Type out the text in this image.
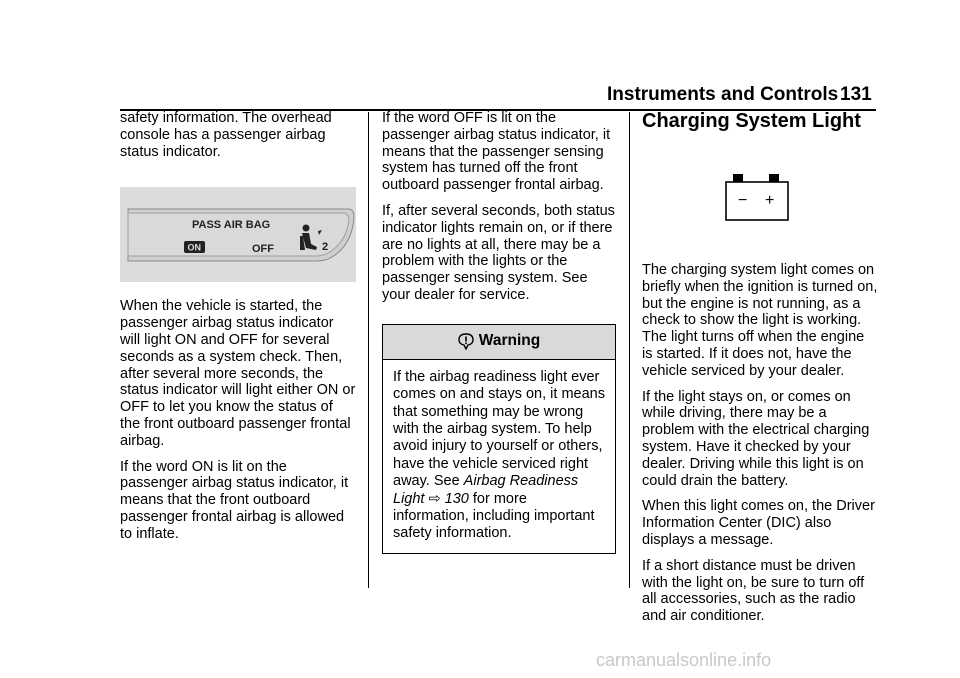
Instruments and Controls 131

safety information. The overhead console has a passenger airbag status indicator.

PASS AIR BAG
ON	OFF	2

When the vehicle is started, the passenger airbag status indicator will light ON and OFF for several seconds as a system check. Then, after several more seconds, the status indicator will light either ON or OFF to let you know the status of the front outboard passenger frontal airbag.

If the word ON is lit on the passenger airbag status indicator, it means that the front outboard passenger frontal airbag is allowed to inflate.

If the word OFF is lit on the passenger airbag status indicator, it means that the passenger sensing system has turned off the front outboard passenger frontal airbag.

If, after several seconds, both status indicator lights remain on, or if there are no lights at all, there may be a problem with the lights or the passenger sensing system. See your dealer for service.

Warning
If the airbag readiness light ever comes on and stays on, it means that something may be wrong with the airbag system. To help avoid injury to yourself or others, have the vehicle serviced right away. See Airbag Readiness Light ⇨ 130 for more information, including important safety information.
Charging System Light
− +

The charging system light comes on briefly when the ignition is turned on, but the engine is not running, as a check to show the light is working. The light turns off when the engine is started. If it does not, have the vehicle serviced by your dealer.

If the light stays on, or comes on while driving, there may be a problem with the electrical charging system. Have it checked by your dealer. Driving while this light is on could drain the battery.

When this light comes on, the Driver Information Center (DIC) also displays a message.

If a short distance must be driven with the light on, be sure to turn off all accessories, such as the radio and air conditioner.

carmanualsonline.info
